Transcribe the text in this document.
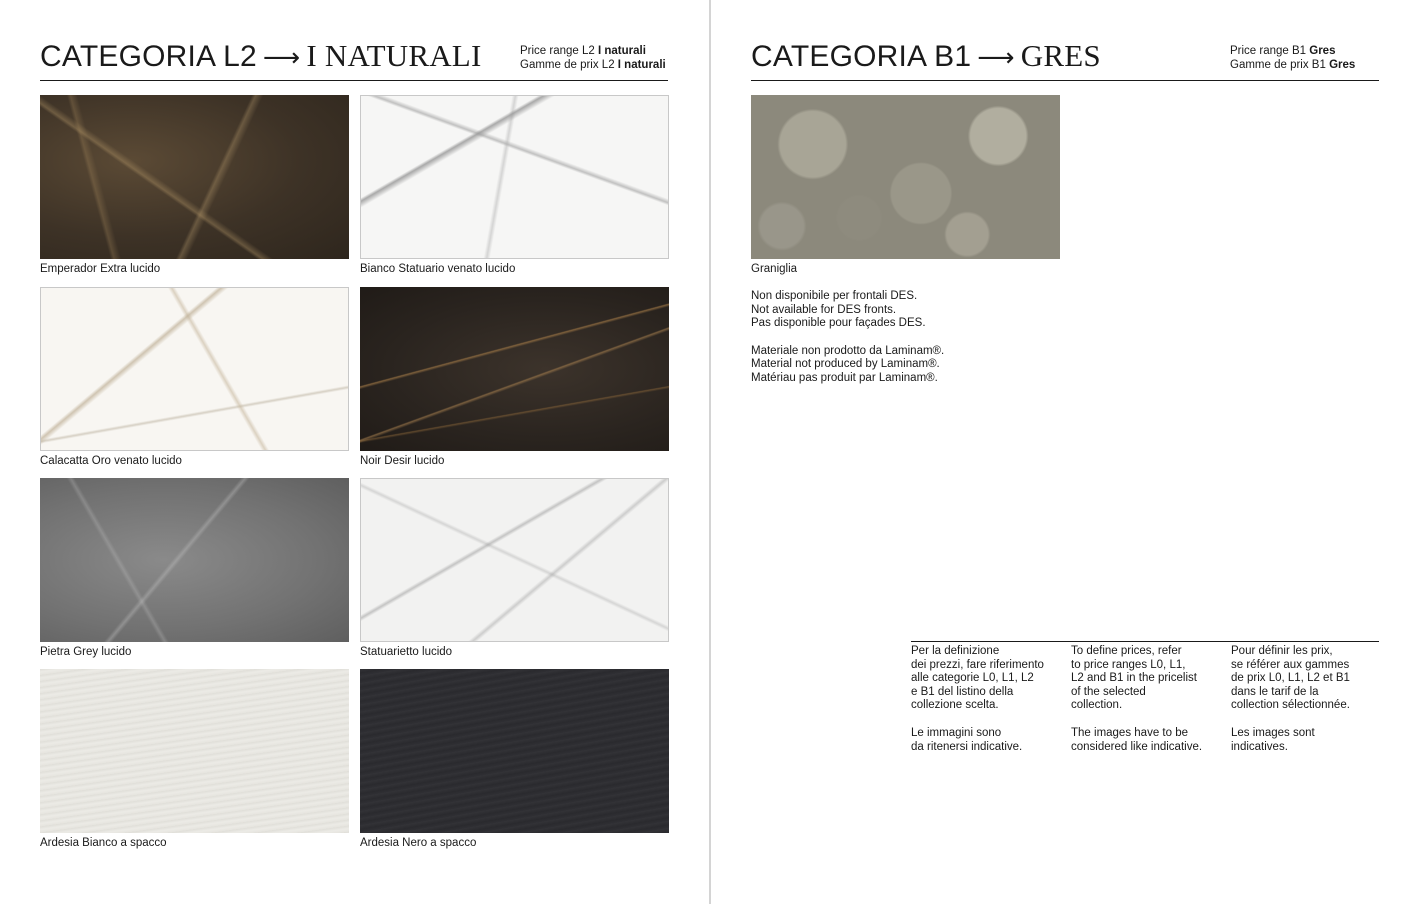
CATEGORIA L2 ⟶ I NATURALI	Price range L2 I naturali
Gamme de prix L2 I naturali
Emperador Extra lucido	Bianco Statuario venato lucido
Calacatta Oro venato lucido	Noir Desir lucido
Pietra Grey lucido	Statuarietto lucido
Ardesia Bianco a spacco	Ardesia Nero a spacco
CATEGORIA B1 ⟶ GRES	Price range B1 Gres
Gamme de prix B1 Gres
Graniglia

Non disponibile per frontali DES.
Not available for DES fronts.
Pas disponible pour façades DES.

Materiale non prodotto da Laminam®.
Material not produced by Laminam®.
Matériau pas produit par Laminam®.

Per la definizione
dei prezzi, fare riferimento
alle categorie L0, L1, L2
e B1 del listino della
collezione scelta.

Le immagini sono
da ritenersi indicative.

To define prices, refer
to price ranges L0, L1,
L2 and B1 in the pricelist
of the selected
collection.

The images have to be
considered like indicative.

Pour définir les prix,
se référer aux gammes
de prix L0, L1, L2 et B1
dans le tarif de la
collection sélectionnée.

Les images sont
indicatives.
